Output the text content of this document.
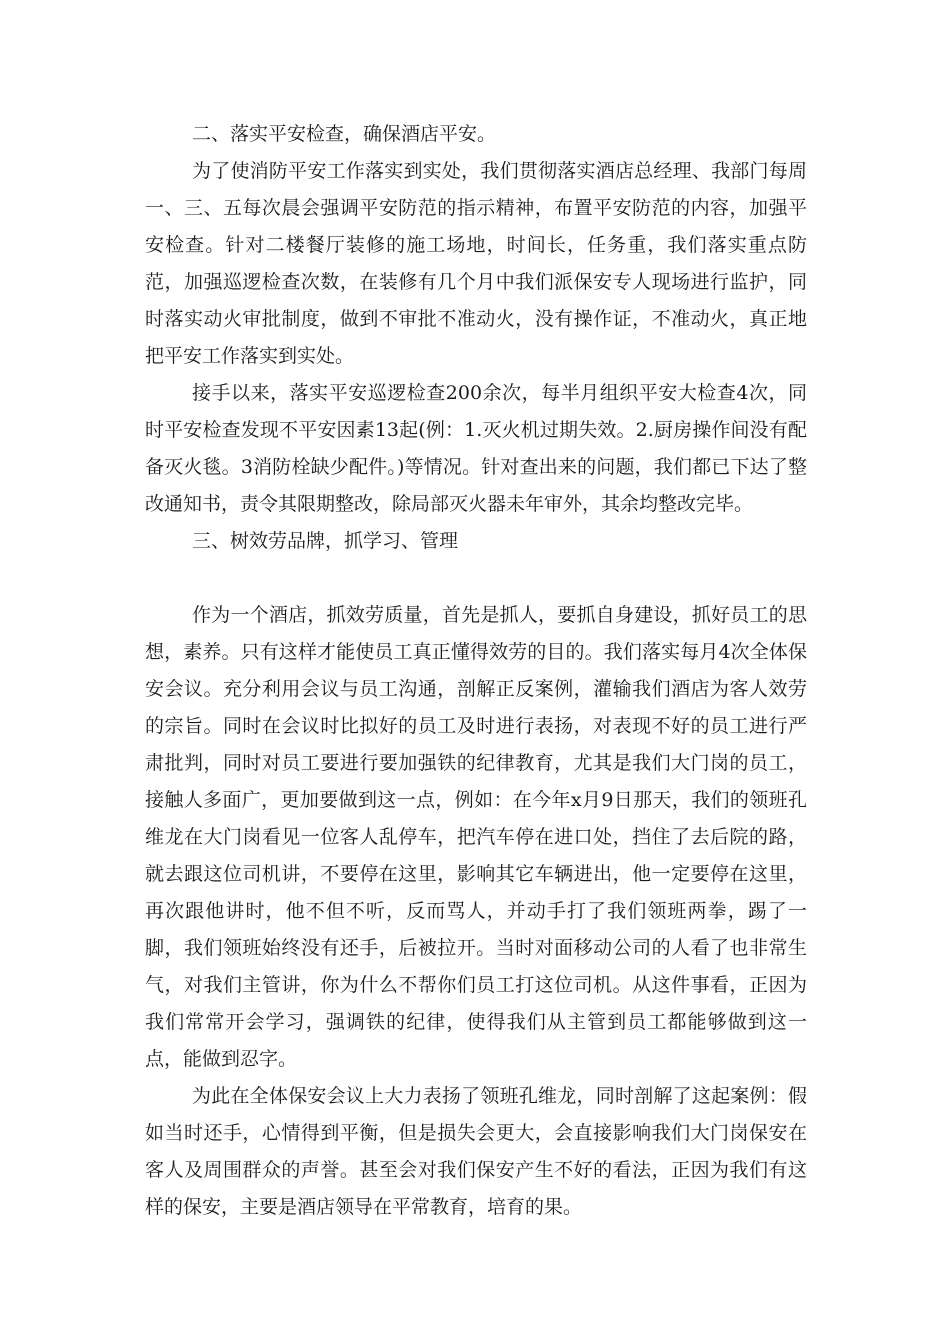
二、落实平安检查，确保酒店平安。

为了使消防平安工作落实到实处，我们贯彻落实酒店总经理、我部门每周一、三、五每次晨会强调平安防范的指示精神，布置平安防范的内容，加强平安检查。针对二楼餐厅装修的施工场地，时间长，任务重，我们落实重点防范，加强巡逻检查次数，在装修有几个月中我们派保安专人现场进行监护，同时落实动火审批制度，做到不审批不准动火，没有操作证，不准动火，真正地把平安工作落实到实处。

接手以来，落实平安巡逻检查200余次，每半月组织平安大检查4次，同时平安检查发现不平安因素13起(例：1.灭火机过期失效。2.厨房操作间没有配备灭火毯。3消防栓缺少配件。)等情况。针对查出来的问题，我们都已下达了整改通知书，责令其限期整改，除局部灭火器未年审外，其余均整改完毕。

三、树效劳品牌，抓学习、管理

作为一个酒店，抓效劳质量，首先是抓人，要抓自身建设，抓好员工的思想，素养。只有这样才能使员工真正懂得效劳的目的。我们落实每月4次全体保安会议。充分利用会议与员工沟通，剖解正反案例，灌输我们酒店为客人效劳的宗旨。同时在会议时比拟好的员工及时进行表扬，对表现不好的员工进行严肃批判，同时对员工要进行要加强铁的纪律教育，尤其是我们大门岗的员工，接触人多面广，更加要做到这一点，例如：在今年x月9日那天，我们的领班孔维龙在大门岗看见一位客人乱停车，把汽车停在进口处，挡住了去后院的路，就去跟这位司机讲，不要停在这里，影响其它车辆进出，他一定要停在这里，再次跟他讲时，他不但不听，反而骂人，并动手打了我们领班两拳，踢了一脚，我们领班始终没有还手，后被拉开。当时对面移动公司的人看了也非常生气，对我们主管讲，你为什么不帮你们员工打这位司机。从这件事看，正因为我们常常开会学习，强调铁的纪律，使得我们从主管到员工都能够做到这一点，能做到忍字。

为此在全体保安会议上大力表扬了领班孔维龙，同时剖解了这起案例：假如当时还手，心情得到平衡，但是损失会更大，会直接影响我们大门岗保安在客人及周围群众的声誉。甚至会对我们保安产生不好的看法，正因为我们有这样的保安，主要是酒店领导在平常教育，培育的果。
